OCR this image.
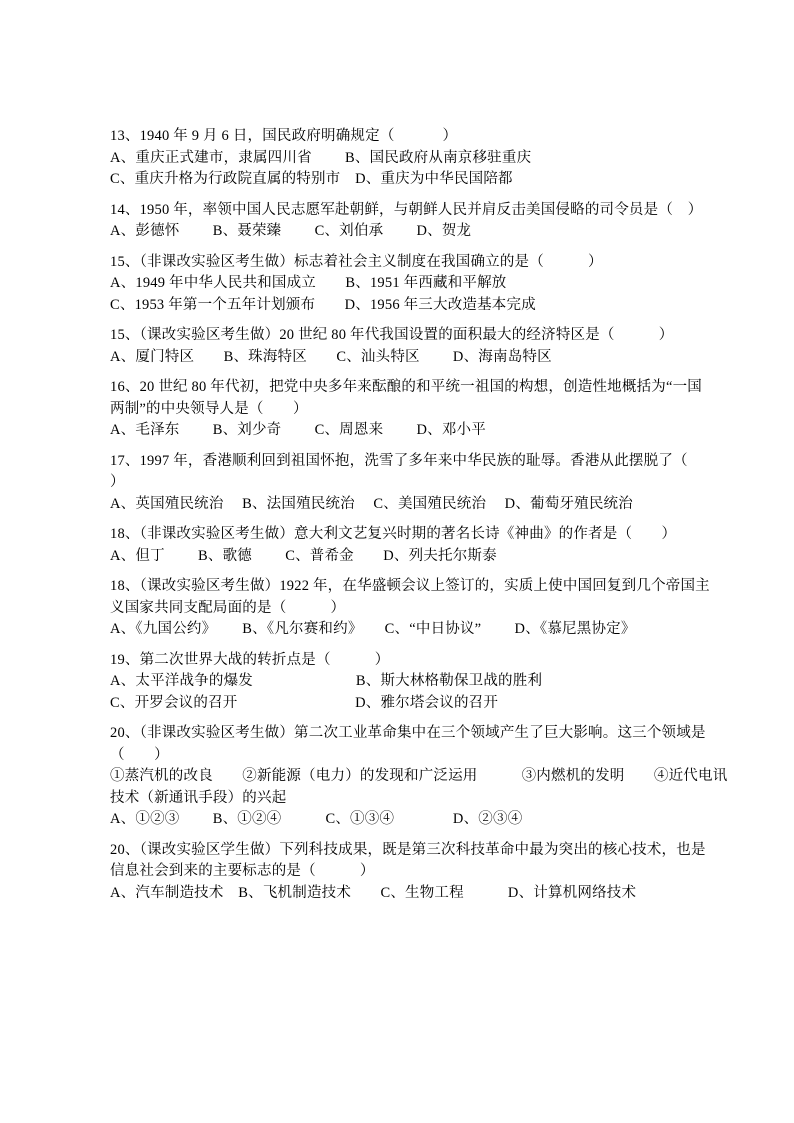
13、1940 年 9 月 6 日，国民政府明确规定（　　　 ）
A、重庆正式建市，隶属四川省　　 B、国民政府从南京移驻重庆
C、重庆升格为行政院直属的特别市　D、重庆为中华民国陪都
14、1950 年，率领中国人民志愿军赴朝鲜，与朝鲜人民并肩反击美国侵略的司令员是（　）
A、彭德怀　　 B、聂荣臻　　 C、刘伯承　　 D、贺龙
15、（非课改实验区考生做）标志着社会主义制度在我国确立的是（　　　）
A、1949 年中华人民共和国成立　　B、1951 年西藏和平解放
C、1953 年第一个五年计划颁布　　D、1956 年三大改造基本完成
15、（课改实验区考生做）20 世纪 80 年代我国设置的面积最大的经济特区是（　　　）
A、厦门特区　　B、珠海特区　　C、汕头特区　　 D、海南岛特区
16、20 世纪 80 年代初，把党中央多年来酝酿的和平统一祖国的构想，创造性地概括为“一国
两制”的中央领导人是（　　）
A、毛泽东　　 B、刘少奇　　 C、周恩来　　 D、邓小平
17、1997 年，香港顺利回到祖国怀抱，洗雪了多年来中华民族的耻辱。香港从此摆脱了（
）
A、英国殖民统治　 B、法国殖民统治　 C、美国殖民统治　 D、葡萄牙殖民统治
18、（非课改实验区考生做）意大利文艺复兴时期的著名长诗《神曲》的作者是（　　）
A、但丁　　 B、歌德　　 C、普希金　　D、列夫托尔斯泰
18、（课改实验区考生做）1922 年，在华盛顿会议上签订的，实质上使中国回复到几个帝国主
义国家共同支配局面的是（　　　）
A、《九国公约》　　 B、《凡尔赛和约》　　C、“中日协议”　　 D、《慕尼黑协定》
19、第二次世界大战的转折点是（　　　）
A、太平洋战争的爆发　　　　　　　B、斯大林格勒保卫战的胜利
C、开罗会议的召开　　　　　　　　D、雅尔塔会议的召开
20、（非课改实验区考生做）第二次工业革命集中在三个领域产生了巨大影响。这三个领域是
（　　）
①蒸汽机的改良　　②新能源（电力）的发现和广泛运用　　　③内燃机的发明　　④近代电讯
技术（新通讯手段）的兴起
A、①②③　　 B、①②④　　　C、①③④　　　　D、②③④
20、（课改实验区学生做）下列科技成果，既是第三次科技革命中最为突出的核心技术，也是
信息社会到来的主要标志的是（　　　）
A、汽车制造技术　B、飞机制造技术　　C、生物工程　　　D、计算机网络技术
